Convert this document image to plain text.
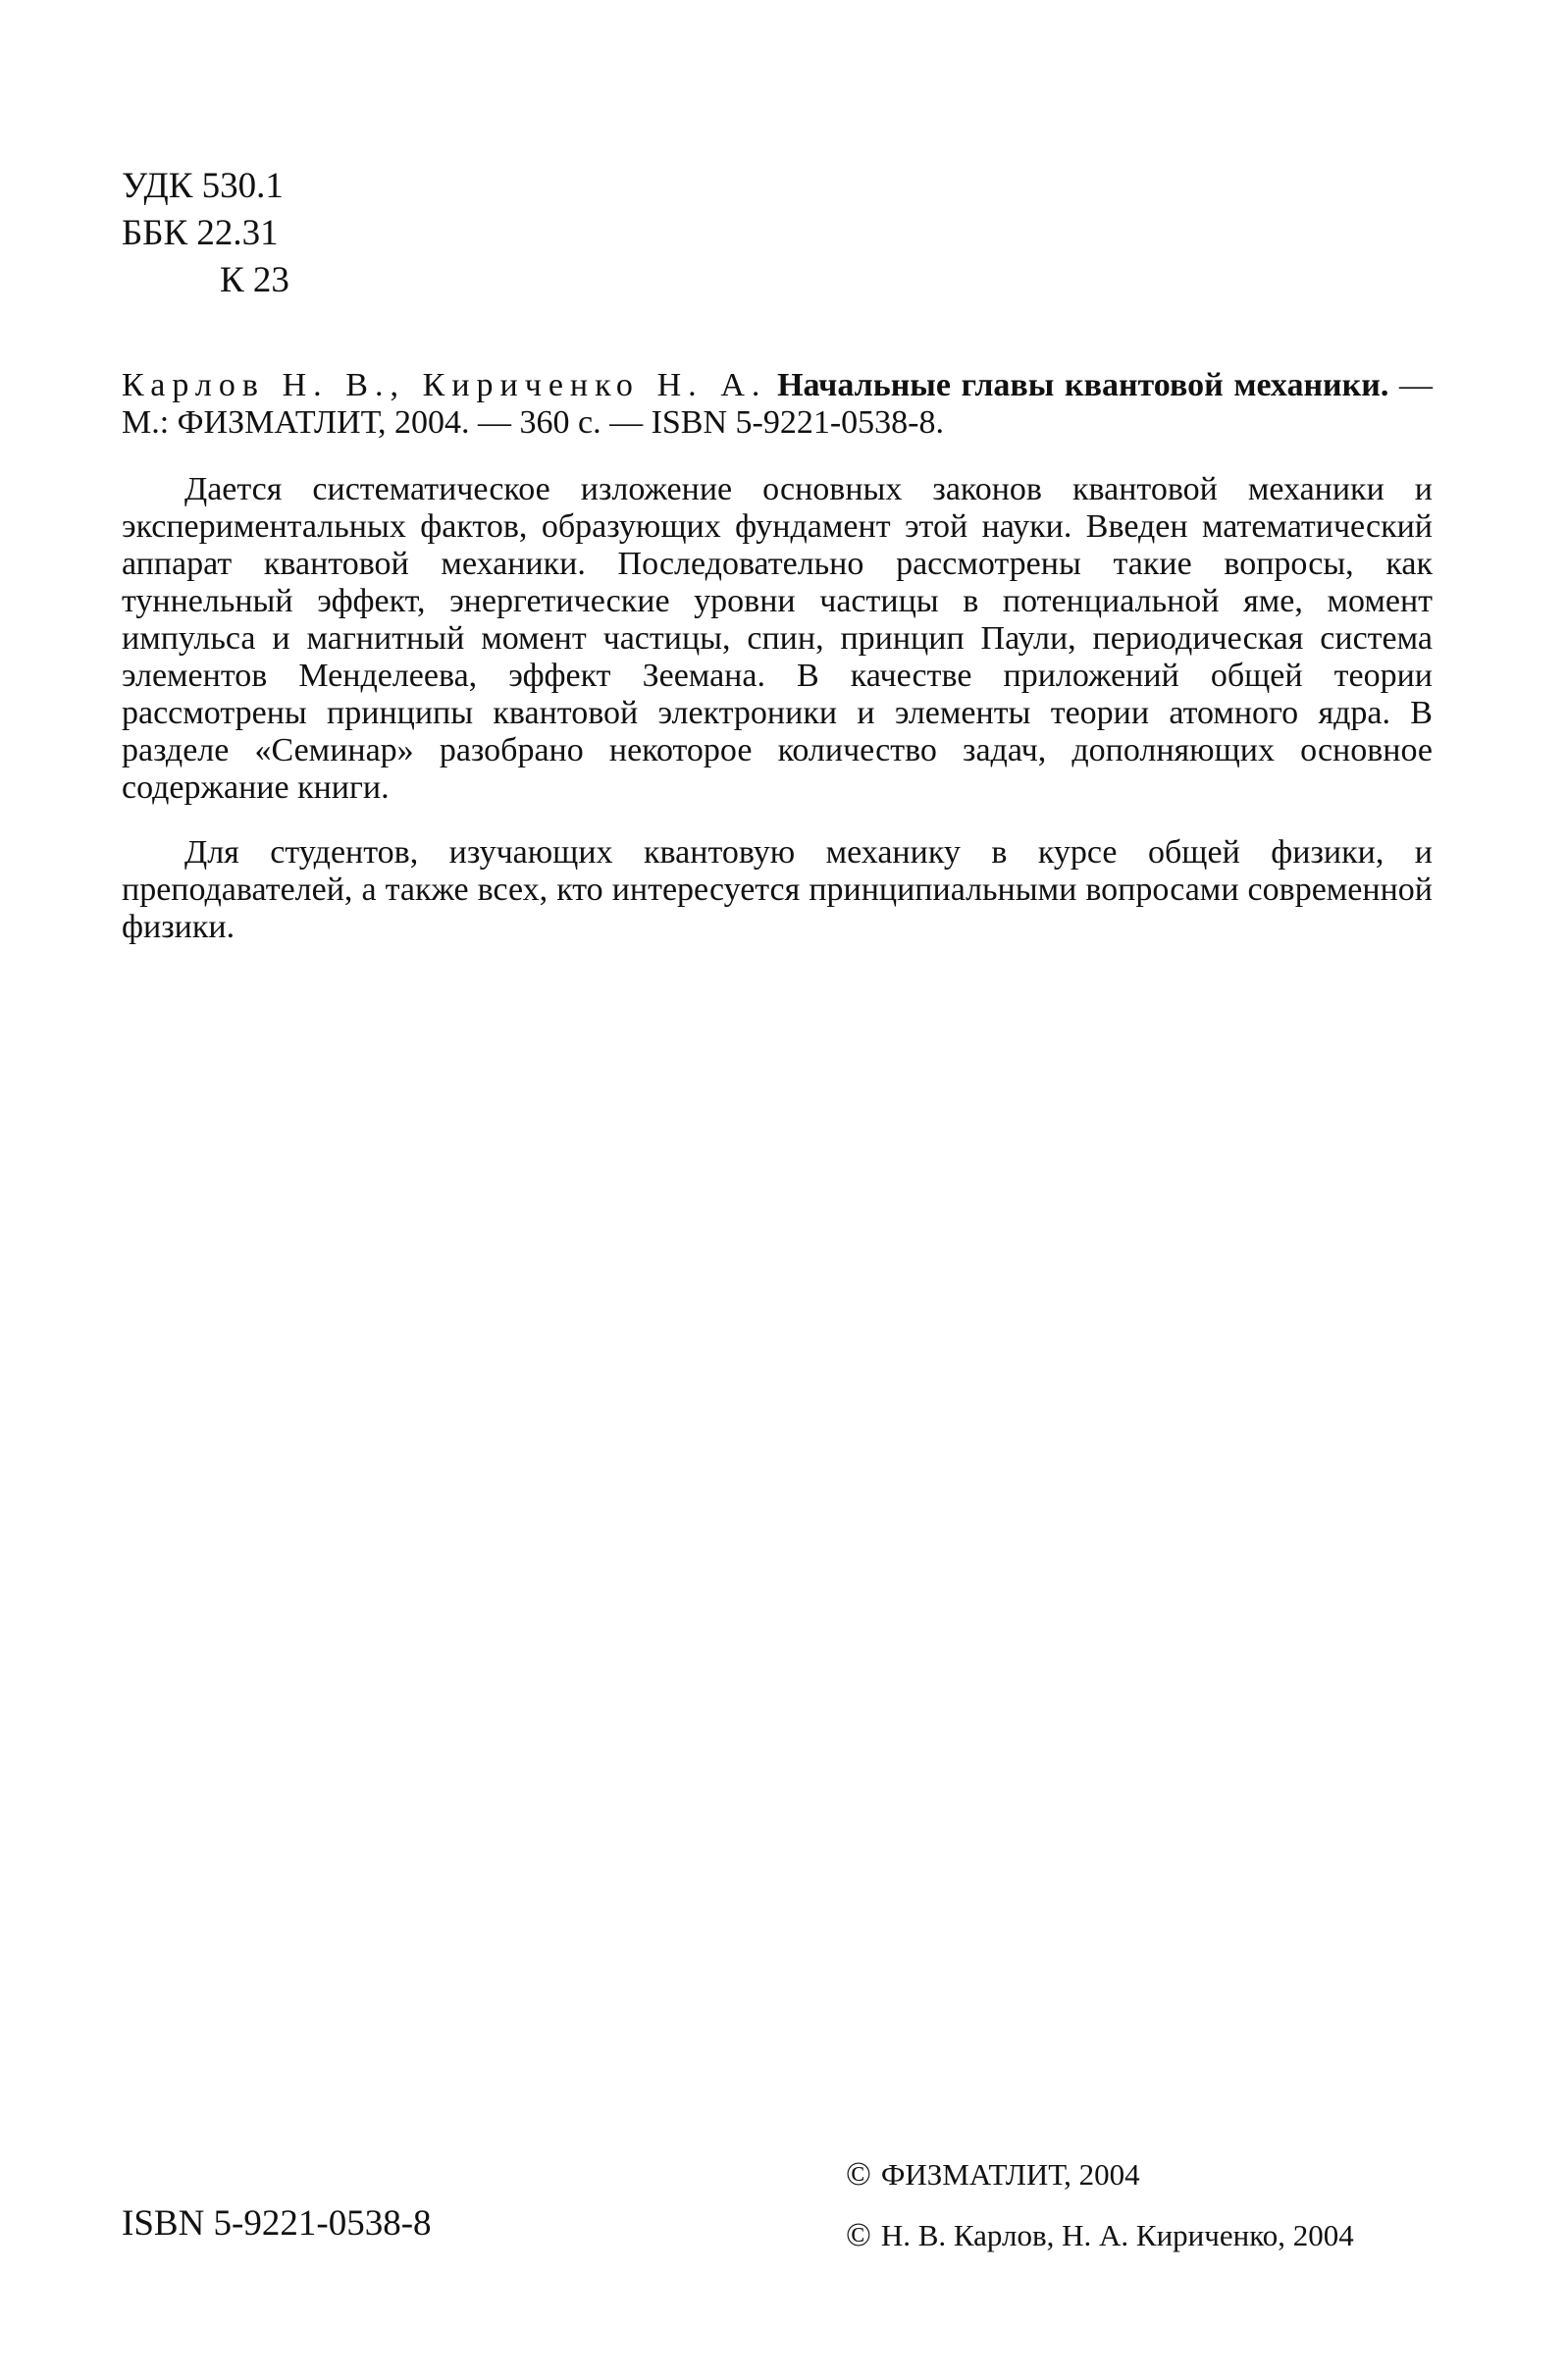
УДК 530.1
ББК 22.31
К 23
Карлов Н. В., Кириченко Н. А. Начальные главы квантовой механики. — М.: ФИЗМАТЛИТ, 2004. — 360 с. — ISBN 5-9221-0538-8.

Дается систематическое изложение основных законов квантовой механики и экспериментальных фактов, образующих фундамент этой науки. Введен математический аппарат квантовой механики. Последовательно рассмотрены такие вопросы, как туннельный эффект, энергетические уровни частицы в потенциальной яме, момент импульса и магнитный момент частицы, спин, принцип Паули, периодическая система элементов Менделеева, эффект Зеемана. В качестве приложений общей теории рассмотрены принципы квантовой электроники и элементы теории атомного ядра. В разделе «Семинар» разобрано некоторое количество задач, дополняющих основное содержание книги.

Для студентов, изучающих квантовую механику в курсе общей физики, и преподавателей, а также всех, кто интересуется принципиальными вопросами современной физики.

ISBN 5-9221-0538-8
© ФИЗМАТЛИТ, 2004
© Н. В. Карлов, Н. А. Кириченко, 2004
